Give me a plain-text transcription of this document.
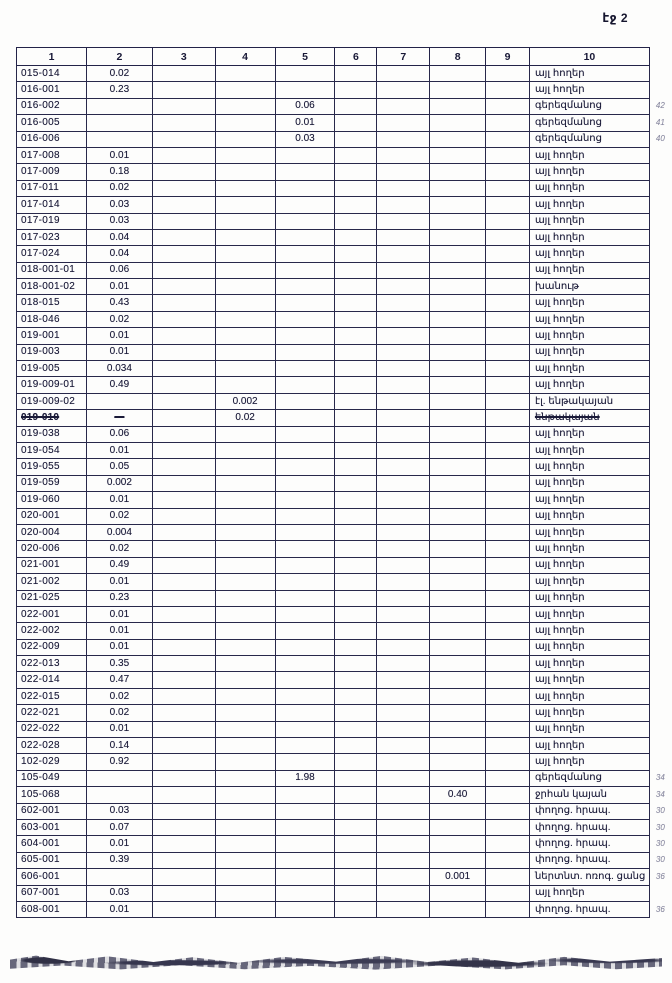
էջ 2
1	2	3	4	5	6	7	8	9	10	
015-014	0.02								այլ հողեր	
016-001	0.23								այլ հողեր	
016-002				0.06					գերեզմանոց	42
016-005				0.01					գերեզմանոց	41
016-006				0.03					գերեզմանոց	40
017-008	0.01								այլ հողեր	
017-009	0.18								այլ հողեր	
017-011	0.02								այլ հողեր	
017-014	0.03								այլ հողեր	
017-019	0.03								այլ հողեր	
017-023	0.04								այլ հողեր	
017-024	0.04								այլ հողեր	
018-001-01	0.06								այլ հողեր	
018-001-02	0.01								խանութ	
018-015	0.43								այլ հողեր	
018-046	0.02								այլ հողեր	
019-001	0.01								այլ հողեր	
019-003	0.01								այլ հողեր	
019-005	0.034								այլ հողեր	
019-009-01	0.49								այլ հողեր	
019-009-02			0.002						էլ. ենթակայան	
019-010	—		0.02						ենթակայան	
019-038	0.06								այլ հողեր	
019-054	0.01								այլ հողեր	
019-055	0.05								այլ հողեր	
019-059	0.002								այլ հողեր	
019-060	0.01								այլ հողեր	
020-001	0.02								այլ հողեր	
020-004	0.004								այլ հողեր	
020-006	0.02								այլ հողեր	
021-001	0.49								այլ հողեր	
021-002	0.01								այլ հողեր	
021-025	0.23								այլ հողեր	
022-001	0.01								այլ հողեր	
022-002	0.01								այլ հողեր	
022-009	0.01								այլ հողեր	
022-013	0.35								այլ հողեր	
022-014	0.47								այլ հողեր	
022-015	0.02								այլ հողեր	
022-021	0.02								այլ հողեր	
022-022	0.01								այլ հողեր	
022-028	0.14								այլ հողեր	
102-029	0.92								այլ հողեր	
105-049				1.98					գերեզմանոց	34
105-068							0.40		ջրհան կայան	34
602-001	0.03								փողոց. հրապ.	30
603-001	0.07								փողոց. հրապ.	30
604-001	0.01								փողոց. հրապ.	30
605-001	0.39								փողոց. հրապ.	30
606-001							0.001		ներտնտ. ոռոգ. ցանց	36
607-001	0.03								այլ հողեր	
608-001	0.01								փողոց. հրապ.	36
